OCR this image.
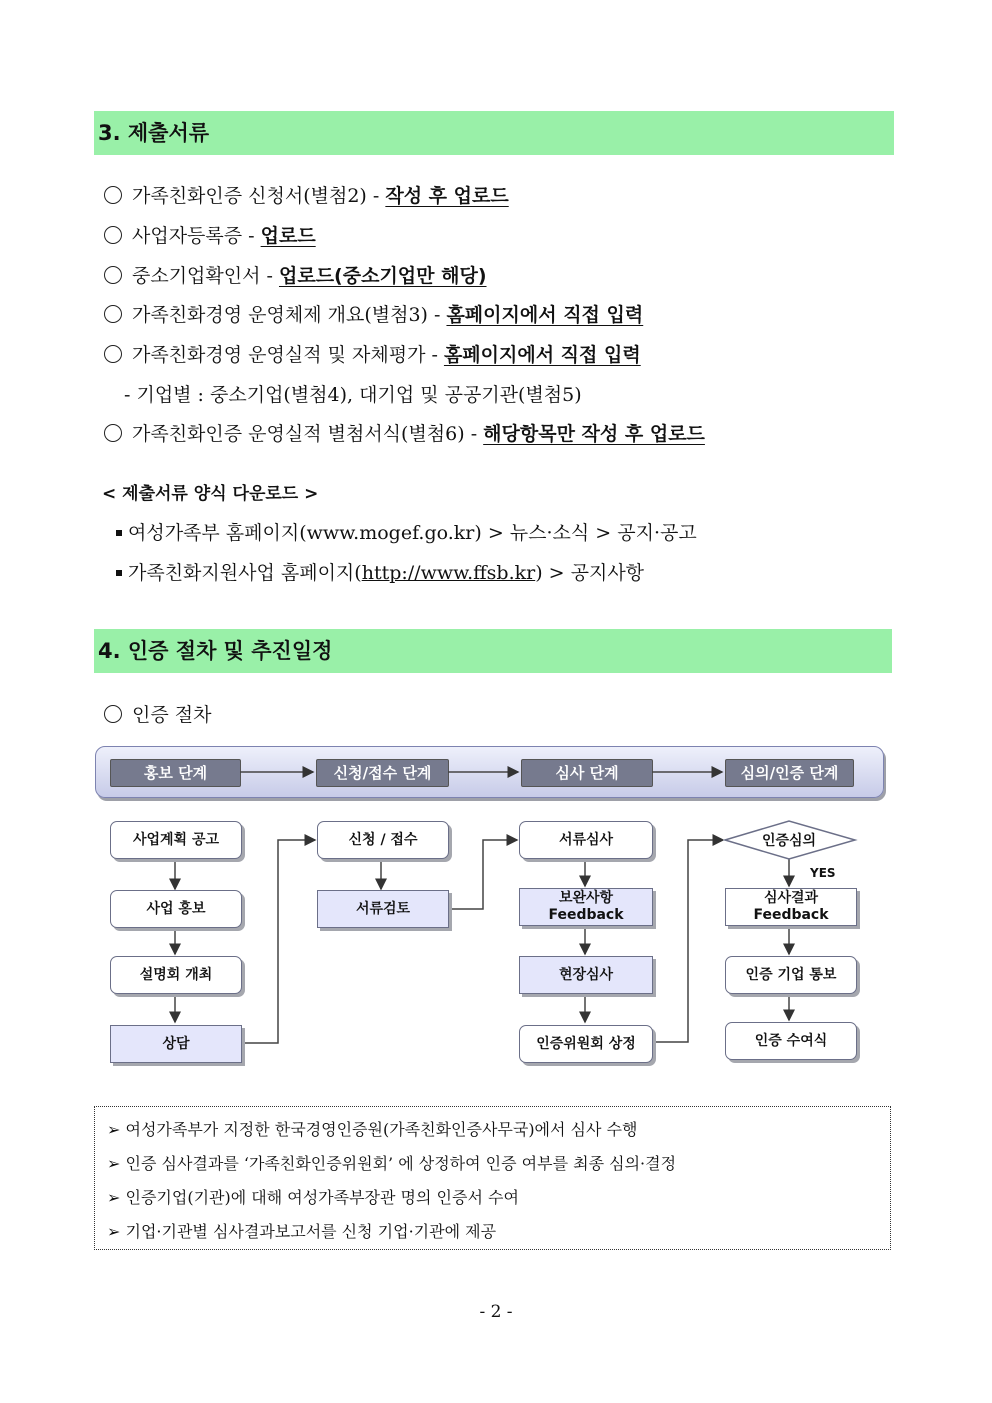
3. 제출서류
가족친화인증 신청서(별첨2) - 작성 후 업로드
사업자등록증 - 업로드
중소기업확인서 - 업로드(중소기업만 해당)
가족친화경영 운영체제 개요(별첨3) - 홈페이지에서 직접 입력
가족친화경영 운영실적 및 자체평가 - 홈페이지에서 직접 입력
- 기업별 : 중소기업(별첨4), 대기업 및 공공기관(별첨5)
가족친화인증 운영실적 별첨서식(별첨6) - 해당항목만 작성 후 업로드
< 제출서류 양식 다운로드 >
여성가족부 홈페이지(www.mogef.go.kr) > 뉴스·소식 > 공지·공고
가족친화지원사업 홈페이지(http://www.ffsb.kr) > 공지사항
4. 인증 절차 및 추진일정
인증 절차
홍보 단계	신청/접수 단계	심사 단계	심의/인증 단계
사업계획 공고
사업 홍보
설명회 개최
상담
신청 / 접수
서류검토
서류심사
보완사항
Feedback
현장심사
인증위원회 상정
인증심의
YES
심사결과
Feedback
인증 기업 통보
인증 수여식
➢ 여성가족부가 지정한 한국경영인증원(가족친화인증사무국)에서 심사 수행
➢ 인증 심사결과를 ‘가족친화인증위원회’ 에 상정하여 인증 여부를 최종 심의·결정
➢ 인증기업(기관)에 대해 여성가족부장관 명의 인증서 수여
➢ 기업·기관별 심사결과보고서를 신청 기업·기관에 제공
- 2 -
